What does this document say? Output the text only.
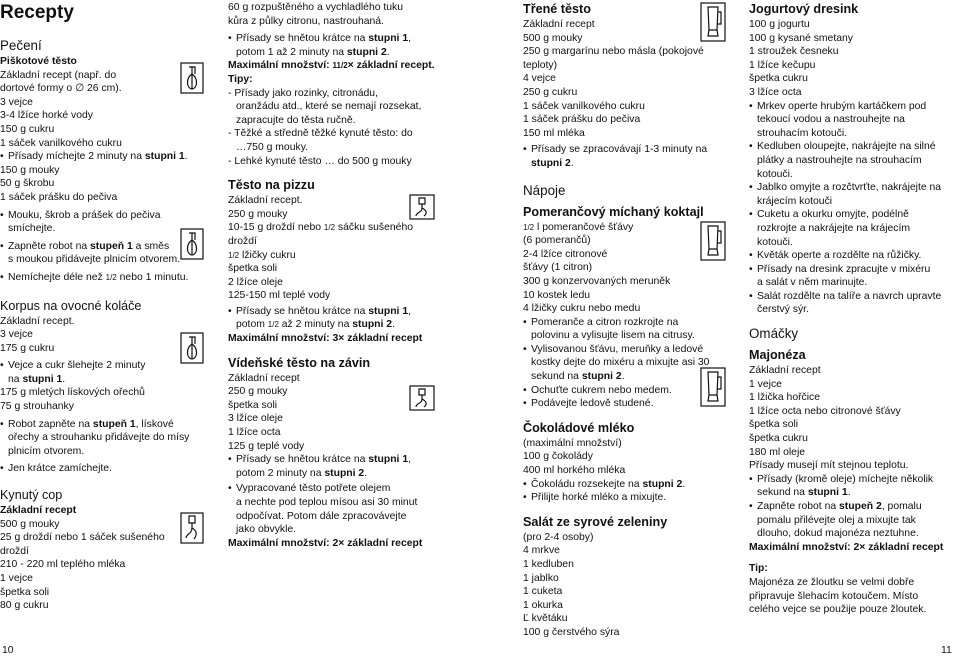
Recepty
Pečení
Piškotové těsto
Základní recept (např. do
dortové formy o ∅ 26 cm).
3 vejce
3-4 lžíce horké vody
150 g cukru
1 sáček vanilkového cukru
• Přísady míchejte 2 minuty na stupni 1.
150 g mouky
50 g škrobu
1 sáček prášku do pečiva
• Mouku, škrob a prášek do pečiva
smíchejte.
• Zapněte robot na stupeň 1 a směs
s moukou přidávejte plnicím otvorem.
• Nemíchejte déle než 1/2 nebo 1 minutu.
Korpus na ovocné koláče
Základní recept.
3 vejce
175 g cukru
• Vejce a cukr šlehejte 2 minuty
na stupni 1.
175 g mletých lískových ořechů
75 g strouhanky
• Robot zapněte na stupeň 1, lískové
ořechy a strouhanku přidávejte do mísy
plnicím otvorem.
• Jen krátce zamíchejte.
Kynutý cop
Základní recept
500 g mouky
25 g droždí nebo 1 sáček sušeného
droždí
210 - 220 ml teplého mléka
1 vejce
špetka soli
80 g cukru
60 g rozpuštěného a vychladlého tuku
kůra z půlky citronu, nastrouhaná.
• Přísady se hnětou krátce na stupni 1,
potom 1 až 2 minuty na stupni 2.
Maximální množství: 11/2× základní recept.
Tipy:
- Přísady jako rozinky, citronádu,
oranžádu atd., které se nemají rozsekat,
zapracujte do těsta ručně.
- Těžké a středně těžké kynuté těsto: do
…750 g mouky.
- Lehké kynuté těsto … do 500 g mouky
Těsto na pizzu
Základní recept.
250 g mouky
10-15 g droždí nebo 1/2 sáčku sušeného
droždí
1/2 lžičky cukru
špetka soli
2 lžíce oleje
125-150 ml teplé vody
• Přísady se hnětou krátce na stupni 1,
potom 1/2 až 2 minuty na stupni 2.
Maximální množství: 3× základní recept
Vídeňské těsto na závin
Základní recept
250 g mouky
špetka soli
3 lžíce oleje
1 lžíce octa
125 g teplé vody
• Přísady se hnětou krátce na stupni 1,
potom 2 minuty na stupni 2.
• Vypracované těsto potřete olejem
a nechte pod teplou mísou asi 30 minut
odpočívat. Potom dále zpracovávejte
jako obvykle.
Maximální množství: 2× základní recept
Třené těsto
Základní recept
500 g mouky
250 g margarínu nebo másla (pokojové
teploty)
4 vejce
250 g cukru
1 sáček vanilkového cukru
1 sáček prášku do pečiva
150 ml mléka
• Přísady se zpracovávají 1-3 minuty na
stupni 2.
Nápoje
Pomerančový míchaný koktajl
1/2 l pomerančové šťávy
(6 pomerančů)
2-4 lžíce citronové
šťávy (1 citron)
300 g konzervovaných meruněk
10 kostek ledu
4 lžičky cukru nebo medu
• Pomeranče a citron rozkrojte na
polovinu a vylisujte lisem na citrusy.
• Vylisovanou šťávu, meruňky a ledové
kostky dejte do mixéru a mixujte asi 30
sekund na stupni 2.
• Ochuťte cukrem nebo medem.
• Podávejte ledově studené.
Čokoládové mléko
(maximální množství)
100 g čokolády
400 ml horkého mléka
• Čokoládu rozsekejte na stupni 2.
• Přilijte horké mléko a mixujte.
Salát ze syrové zeleniny
(pro 2-4 osoby)
4 mrkve
1 kedluben
1 jablko
1 cuketa
1 okurka
Ľ květáku
100 g čerstvého sýra
Jogurtový dresink
100 g jogurtu
100 g kysané smetany
1 stroužek česneku
1 lžíce kečupu
špetka cukru
3 lžíce octa
• Mrkev operte hrubým kartáčkem pod
tekoucí vodou a nastrouhejte na
strouhacím kotouči.
• Kedluben oloupejte, nakrájejte na silné
plátky a nastrouhejte na strouhacím
kotouči.
• Jablko omyjte a rozčtvrťte, nakrájejte na
krájecím kotouči
• Cuketu a okurku omyjte, podélně
rozkrojte a nakrájejte na krájecím
kotouči.
• Květák operte a rozdělte na růžičky.
• Přísady na dresink zpracujte v mixéru
a salát v něm marinujte.
• Salát rozdělte na talíře a navrch upravte
čerstvý sýr.
Omáčky
Majonéza
Základní recept
1 vejce
1 lžička hořčice
1 lžíce octa nebo citronové šťávy
špetka soli
špetka cukru
180 ml oleje
Přísady musejí mít stejnou teplotu.
• Přísady (kromě oleje) míchejte několik
sekund na stupni 1.
• Zapněte robot na stupeň 2, pomalu
pomalu přilévejte olej a mixujte tak
dlouho, dokud majonéza neztuhne.
Maximální množství: 2× základní recept
Tip:
Majonéza ze žloutku se velmi dobře
připravuje šlehacím kotoučem. Místo
celého vejce se použije pouze žloutek.
10	11
